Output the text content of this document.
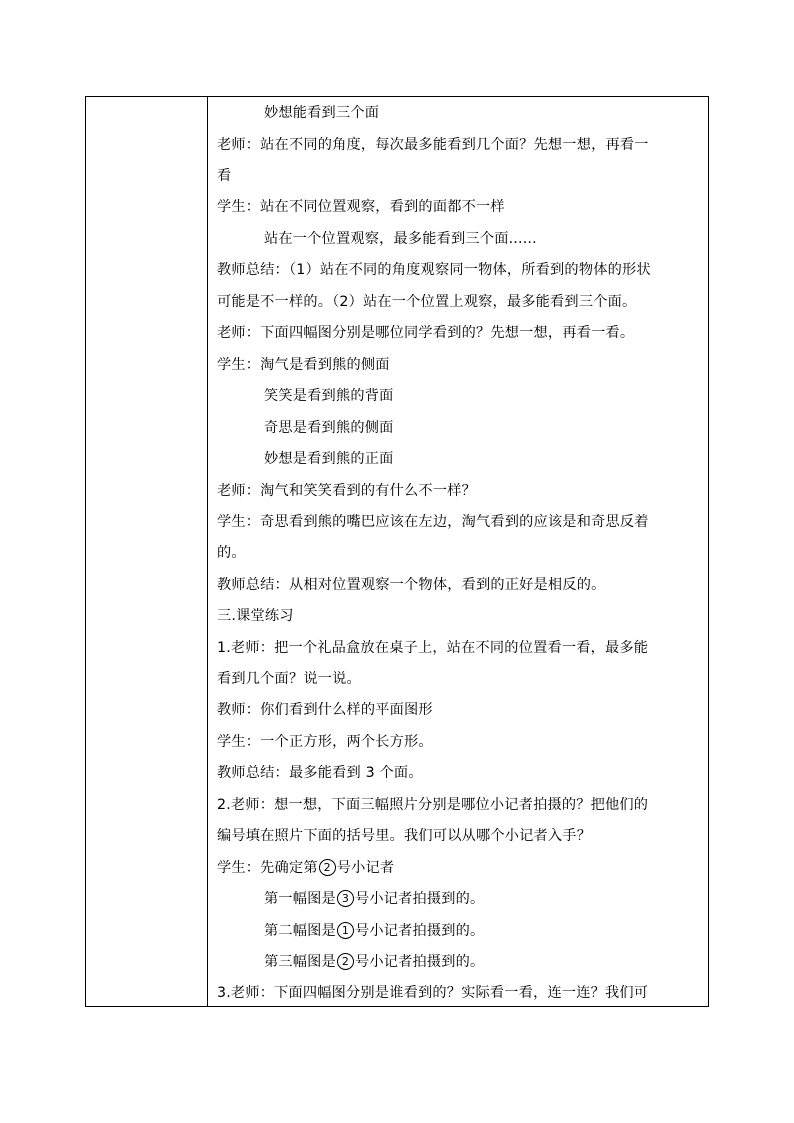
妙想能看到三个面
老师：站在不同的角度，每次最多能看到几个面？先想一想，再看一
看
学生：站在不同位置观察，看到的面都不一样
站在一个位置观察，最多能看到三个面......
教师总结：（1）站在不同的角度观察同一物体，所看到的物体的形状
可能是不一样的。（2）站在一个位置上观察，最多能看到三个面。
老师：下面四幅图分别是哪位同学看到的？先想一想，再看一看。
学生：淘气是看到熊的侧面
笑笑是看到熊的背面
奇思是看到熊的侧面
妙想是看到熊的正面
老师：淘气和笑笑看到的有什么不一样？
学生：奇思看到熊的嘴巴应该在左边，淘气看到的应该是和奇思反着
的。
教师总结：从相对位置观察一个物体，看到的正好是相反的。
三.课堂练习
1.老师：把一个礼品盒放在桌子上，站在不同的位置看一看，最多能
看到几个面？说一说。
教师：你们看到什么样的平面图形
学生：一个正方形，两个长方形。
教师总结：最多能看到 3 个面。
2.老师：想一想，下面三幅照片分别是哪位小记者拍摄的？把他们的
编号填在照片下面的括号里。我们可以从哪个小记者入手？
学生：先确定第 2 号小记者
第一幅图是 3 号小记者拍摄到的。
第二幅图是 1 号小记者拍摄到的。
第三幅图是 2 号小记者拍摄到的。
3.老师：下面四幅图分别是谁看到的？实际看一看，连一连？我们可
